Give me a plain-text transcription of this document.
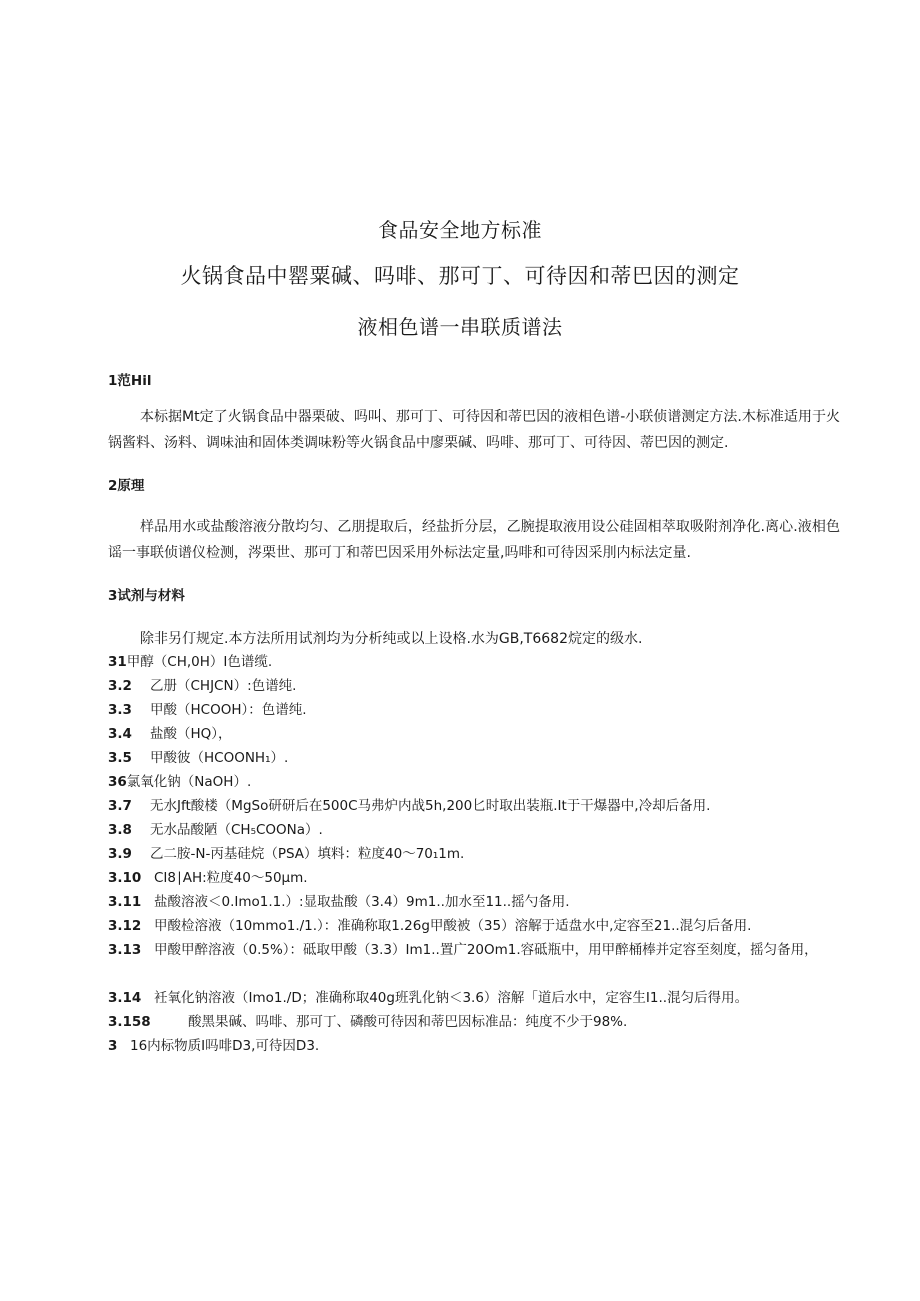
食品安全地方标准
火锅食品中罂粟碱、吗啡、那可丁、可待因和蒂巴因的测定
液相色谱一串联质谱法
1范Hil
本标据Mt定了火锅食品中器栗破、吗叫、那可丁、可待因和蒂巴因的液相色谱-小联侦谱测定方法.木标准适用于火锅酱料、汤料、调味油和固体类调味粉等火锅食品中廖栗碱、吗啡、那可丁、可待因、蒂巴因的测定.
2原理
样品用水或盐酸溶液分散均匀、乙朋提取后，经盐折分层，乙腕提取液用设公硅固相萃取吸附剂净化.离心.液相色谣一事联侦谱仪检测，涔栗世、那可丁和蒂巴因采用外标法定量,吗啡和可待因采刖内标法定量.
3试剂与材料
除非另仃规定.本方法所用试剂均为分析纯或以上设格.水为GB,T6682烷定的级水.
31甲醇（CH,0H）I色谱缆.
3.2 乙册（CHJCN）:色谱纯.
3.3 甲酸（HCOOH）：色谱纯.
3.4 盐酸（HQ），
3.5 甲酸彼（HCOONH₁）.
36氯氧化钠（NaOH）.
3.7 无水Jft酸楼（MgSo研研后在500C马弗炉内战5h,200匕时取出装瓶.It于干爆器中,冷却后备用.
3.8 无水品酸陋（CH₅COONa）.
3.9 乙二胺-N-丙基硅烷（PSA）填料：粒度40〜70₁1m.
3.10 CI8∣AH:粒度40〜50μm.
3.11 盐酸溶液＜0.Imo1.1.）:显取盐酸（3.4）9m1..加水至11..摇勺备用.
3.12 甲酸检溶液（10mmo1./1.）：准确称取1.26g甲酸被（35）溶解于适盘水中,定容至21..混匀后备用.
3.13 甲酸甲醉溶液（0.5%）：砥取甲酸（3.3）Im1..置广20Om1.容砥瓶中，用甲醉桶棒并定容至刻度，摇匀备用，
3.14 衽氧化钠溶液（Imo1./D；准确称取40g班乳化钠＜3.6）溶解「道后水中，定容生I1..混匀后得用。
3.158	酸黑果碱、吗啡、那可丁、磷酸可待因和蒂巴因标准品：纯度不少于98%.
3 16内标物质I吗啡D3,可待因D3.
